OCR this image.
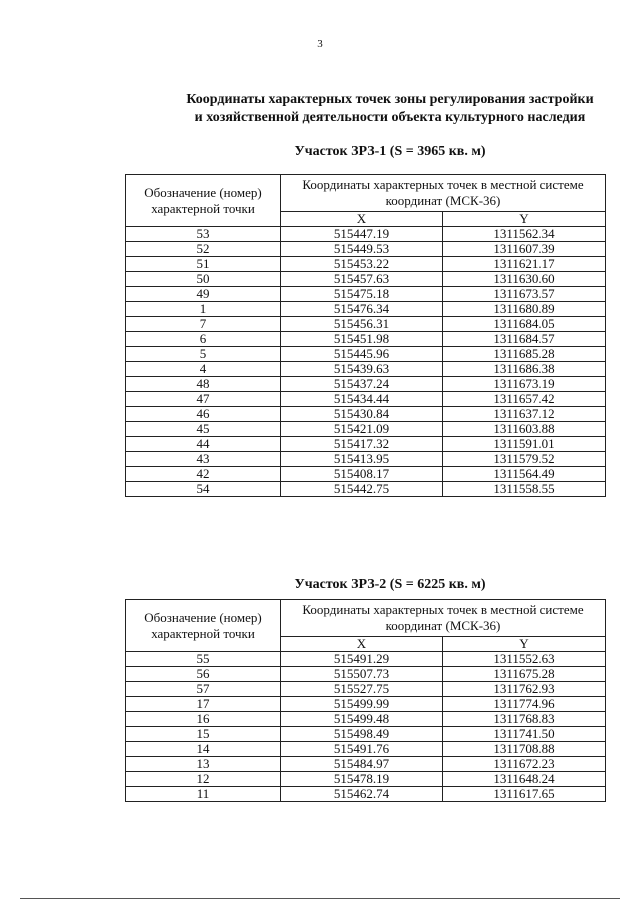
3
Координаты характерных точек зоны регулирования застройки
и хозяйственной деятельности объекта культурного наследия
Участок ЗРЗ-1 (S = 3965 кв. м)
Обозначение (номер) характерной точки	Координаты характерных точек в местной системе координат (МСК-36)	
	X	Y
53	515447.19	1311562.34
52	515449.53	1311607.39
51	515453.22	1311621.17
50	515457.63	1311630.60
49	515475.18	1311673.57
1	515476.34	1311680.89
7	515456.31	1311684.05
6	515451.98	1311684.57
5	515445.96	1311685.28
4	515439.63	1311686.38
48	515437.24	1311673.19
47	515434.44	1311657.42
46	515430.84	1311637.12
45	515421.09	1311603.88
44	515417.32	1311591.01
43	515413.95	1311579.52
42	515408.17	1311564.49
54	515442.75	1311558.55
Участок ЗРЗ-2 (S = 6225 кв. м)
Обозначение (номер) характерной точки	Координаты характерных точек в местной системе координат (МСК-36)	
	X	Y
55	515491.29	1311552.63
56	515507.73	1311675.28
57	515527.75	1311762.93
17	515499.99	1311774.96
16	515499.48	1311768.83
15	515498.49	1311741.50
14	515491.76	1311708.88
13	515484.97	1311672.23
12	515478.19	1311648.24
11	515462.74	1311617.65
